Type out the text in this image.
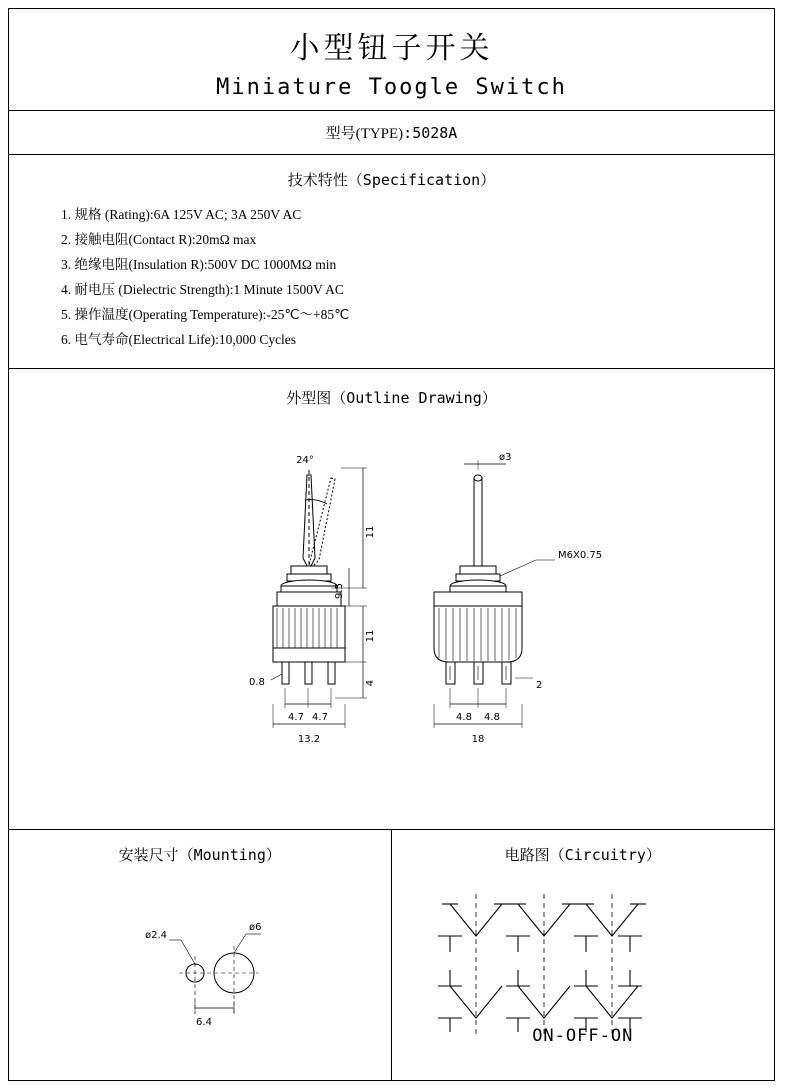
小型钮子开关
Miniature Toogle Switch
型号(TYPE):5028A
技术特性（Specification）
1. 规格 (Rating):6A 125V AC; 3A 250V AC
2. 接触电阻(Contact R):20mΩ max
3. 绝缘电阻(Insulation R):500V DC 1000MΩ min
4. 耐电压 (Dielectric Strength):1 Minute 1500V AC
5. 操作温度(Operating Temperature):-25℃～+85℃
6. 电气寿命(Electrical Life):10,000 Cycles
外型图（Outline Drawing）
24°
11
9.5
11
4
0.8
4.7 4.7
13.2
ø3
M6X0.75
2
4.8 4.8
18
安装尺寸（Mounting）
ø2.4
ø6
6.4
电路图（Circuitry）
ON-OFF-ON
